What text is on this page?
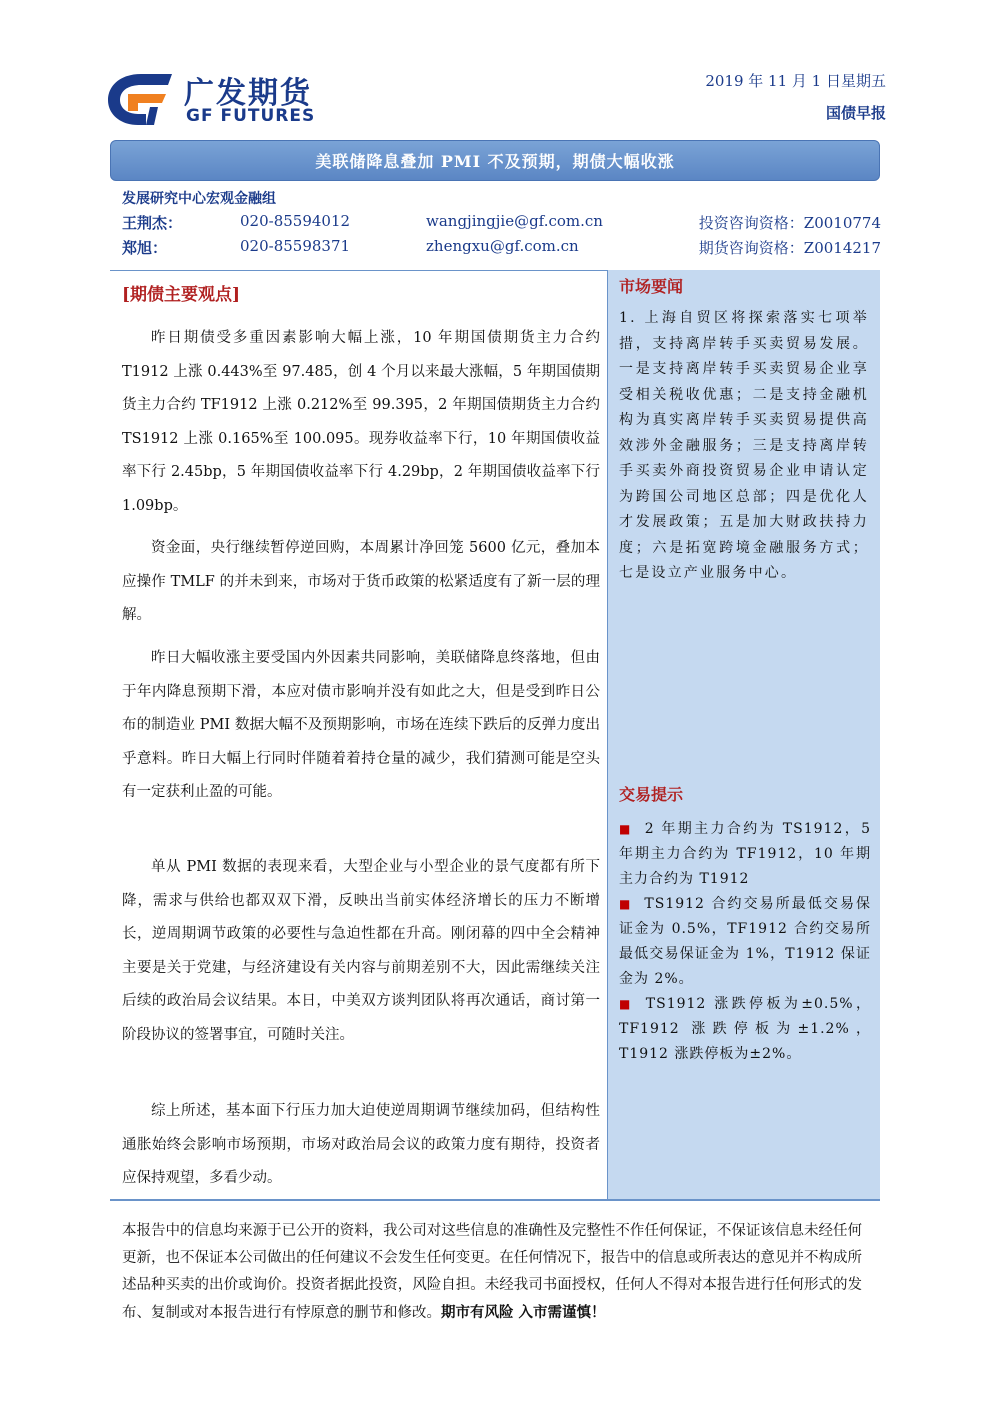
广发期货
GF FUTURES
2019 年 11 月 1 日星期五
国债早报
美联储降息叠加 PMI 不及预期，期债大幅收涨
发展研究中心宏观金融组
王荆杰：	020-85594012	wangjingjie@gf.com.cn	投资咨询资格：Z0010774
郑旭：	020-85598371	zhengxu@gf.com.cn	期货咨询资格：Z0014217
[期债主要观点]

昨日期债受多重因素影响大幅上涨，10 年期国债期货主力合约 T1912 上涨 0.443%至 97.485，创 4 个月以来最大涨幅，5 年期国债期货主力合约 TF1912 上涨 0.212%至 99.395，2 年期国债期货主力合约 TS1912 上涨 0.165%至 100.095。现券收益率下行，10 年期国债收益率下行 2.45bp，5 年期国债收益率下行 4.29bp，2 年期国债收益率下行 1.09bp。

资金面，央行继续暂停逆回购，本周累计净回笼 5600 亿元，叠加本应操作 TMLF 的并未到来，市场对于货币政策的松紧适度有了新一层的理解。

昨日大幅收涨主要受国内外因素共同影响，美联储降息终落地，但由于年内降息预期下滑，本应对债市影响并没有如此之大，但是受到昨日公布的制造业 PMI 数据大幅不及预期影响，市场在连续下跌后的反弹力度出乎意料。昨日大幅上行同时伴随着着持仓量的减少，我们猜测可能是空头有一定获利止盈的可能。

单从 PMI 数据的表现来看，大型企业与小型企业的景气度都有所下降，需求与供给也都双双下滑，反映出当前实体经济增长的压力不断增长，逆周期调节政策的必要性与急迫性都在升高。刚闭幕的四中全会精神主要是关于党建，与经济建设有关内容与前期差别不大，因此需继续关注后续的政治局会议结果。本日，中美双方谈判团队将再次通话，商讨第一阶段协议的签署事宜，可随时关注。

综上所述，基本面下行压力加大迫使逆周期调节继续加码，但结构性通胀始终会影响市场预期，市场对政治局会议的政策力度有期待，投资者应保持观望，多看少动。

市场要闻

1. 上海自贸区将探索落实七项举措，支持离岸转手买卖贸易发展。一是支持离岸转手买卖贸易企业享受相关税收优惠；二是支持金融机构为真实离岸转手买卖贸易提供高效涉外金融服务；三是支持离岸转手买卖外商投资贸易企业申请认定为跨国公司地区总部；四是优化人才发展政策；五是加大财政扶持力度；六是拓宽跨境金融服务方式；七是设立产业服务中心。

交易提示

■ 2 年期主力合约为 TS1912，5 年期主力合约为 TF1912，10 年期主力合约为 T1912

■ TS1912 合约交易所最低交易保证金为 0.5%，TF1912 合约交易所最低交易保证金为 1%，T1912 保证金为 2%。

■ TS1912 涨跌停板为±0.5%，TF1912 涨跌停板为±1.2%，T1912 涨跌停板为±2%。

本报告中的信息均来源于已公开的资料，我公司对这些信息的准确性及完整性不作任何保证，不保证该信息未经任何更新，也不保证本公司做出的任何建议不会发生任何变更。在任何情况下，报告中的信息或所表达的意见并不构成所述品种买卖的出价或询价。投资者据此投资，风险自担。未经我司书面授权，任何人不得对本报告进行任何形式的发布、复制或对本报告进行有悖原意的删节和修改。期市有风险 入市需谨慎！
